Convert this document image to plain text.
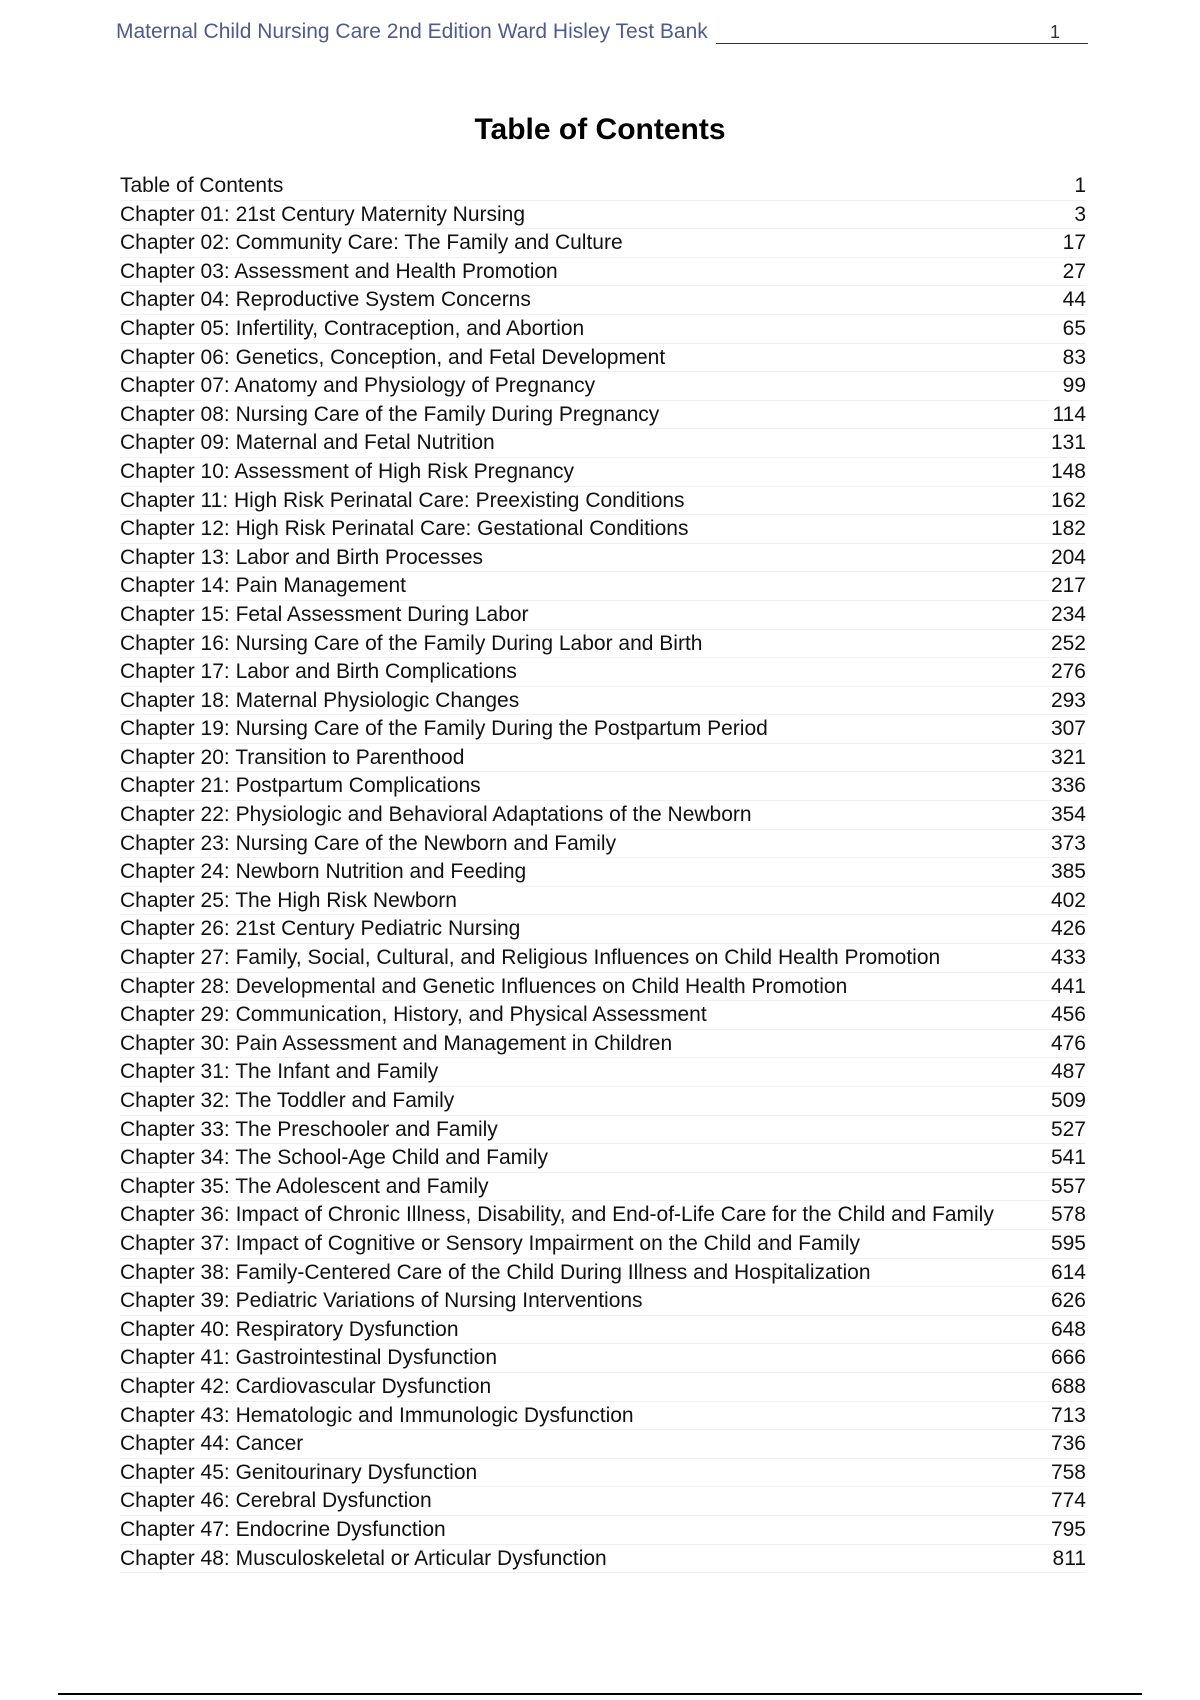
Maternal Child Nursing Care 2nd Edition Ward Hisley Test Bank	1
Table of Contents
Table of Contents	1
Chapter 01: 21st Century Maternity Nursing	3
Chapter 02: Community Care: The Family and Culture	17
Chapter 03: Assessment and Health Promotion	27
Chapter 04: Reproductive System Concerns	44
Chapter 05: Infertility, Contraception, and Abortion	65
Chapter 06: Genetics, Conception, and Fetal Development	83
Chapter 07: Anatomy and Physiology of Pregnancy	99
Chapter 08: Nursing Care of the Family During Pregnancy	114
Chapter 09: Maternal and Fetal Nutrition	131
Chapter 10: Assessment of High Risk Pregnancy	148
Chapter 11: High Risk Perinatal Care: Preexisting Conditions	162
Chapter 12: High Risk Perinatal Care: Gestational Conditions	182
Chapter 13: Labor and Birth Processes	204
Chapter 14: Pain Management	217
Chapter 15: Fetal Assessment During Labor	234
Chapter 16: Nursing Care of the Family During Labor and Birth	252
Chapter 17: Labor and Birth Complications	276
Chapter 18: Maternal Physiologic Changes	293
Chapter 19: Nursing Care of the Family During the Postpartum Period	307
Chapter 20: Transition to Parenthood	321
Chapter 21: Postpartum Complications	336
Chapter 22: Physiologic and Behavioral Adaptations of the Newborn	354
Chapter 23: Nursing Care of the Newborn and Family	373
Chapter 24: Newborn Nutrition and Feeding	385
Chapter 25: The High Risk Newborn	402
Chapter 26: 21st Century Pediatric Nursing	426
Chapter 27: Family, Social, Cultural, and Religious Influences on Child Health Promotion	433
Chapter 28: Developmental and Genetic Influences on Child Health Promotion	441
Chapter 29: Communication, History, and Physical Assessment	456
Chapter 30: Pain Assessment and Management in Children	476
Chapter 31: The Infant and Family	487
Chapter 32: The Toddler and Family	509
Chapter 33: The Preschooler and Family	527
Chapter 34: The School-Age Child and Family	541
Chapter 35: The Adolescent and Family	557
Chapter 36: Impact of Chronic Illness, Disability, and End-of-Life Care for the Child and Family	578
Chapter 37: Impact of Cognitive or Sensory Impairment on the Child and Family	595
Chapter 38: Family-Centered Care of the Child During Illness and Hospitalization	614
Chapter 39: Pediatric Variations of Nursing Interventions	626
Chapter 40: Respiratory Dysfunction	648
Chapter 41: Gastrointestinal Dysfunction	666
Chapter 42: Cardiovascular Dysfunction	688
Chapter 43: Hematologic and Immunologic Dysfunction	713
Chapter 44: Cancer	736
Chapter 45: Genitourinary Dysfunction	758
Chapter 46: Cerebral Dysfunction	774
Chapter 47: Endocrine Dysfunction	795
Chapter 48: Musculoskeletal or Articular Dysfunction	811
